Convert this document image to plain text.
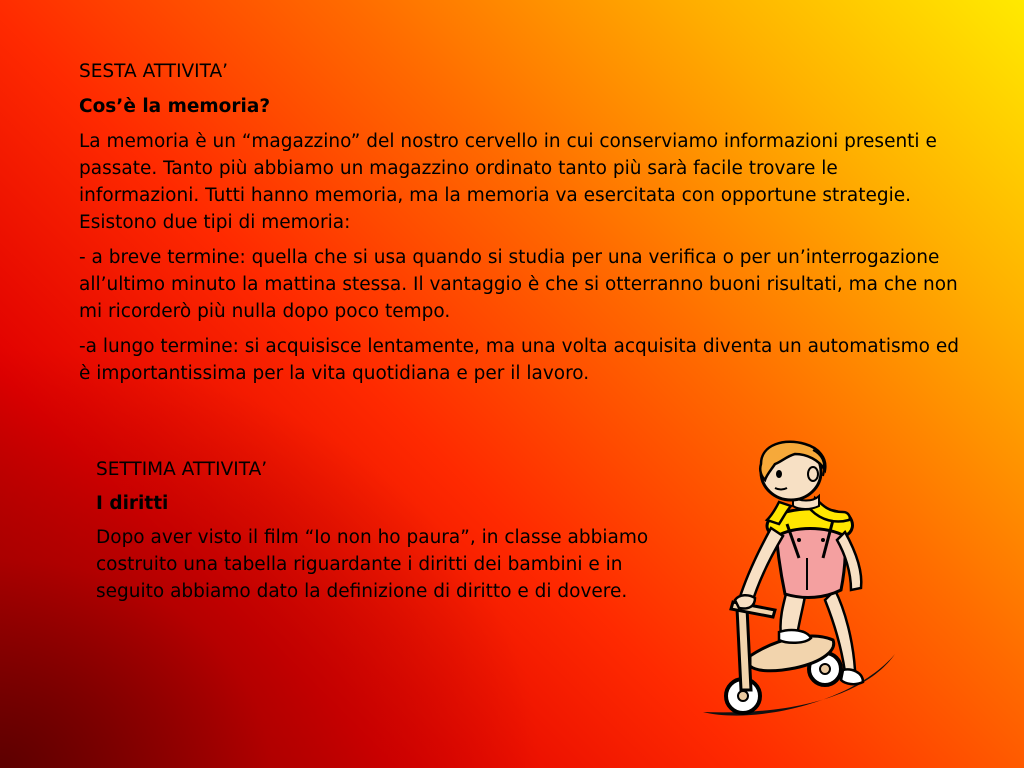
SESTA ATTIVITA’

Cos’è la memoria?

La memoria è un “magazzino” del nostro cervello in cui conserviamo informazioni presenti e passate. Tanto più abbiamo un magazzino ordinato tanto più sarà facile trovare le informazioni. Tutti hanno memoria, ma la memoria va esercitata con opportune strategie. Esistono due tipi di memoria:

- a breve termine: quella che si usa quando si studia per una verifica o per un’interrogazione all’ultimo minuto la mattina stessa. Il vantaggio è che si otterranno buoni risultati, ma che non mi ricorderò più nulla dopo poco tempo.

-a lungo termine: si acquisisce lentamente, ma una volta acquisita diventa un automatismo ed è importantissima per la vita quotidiana e per il lavoro.

SETTIMA ATTIVITA’

I diritti

Dopo aver visto il film “Io non ho paura”, in classe abbiamo costruito una tabella riguardante i diritti dei bambini e in seguito abbiamo dato la definizione di diritto e di dovere.
